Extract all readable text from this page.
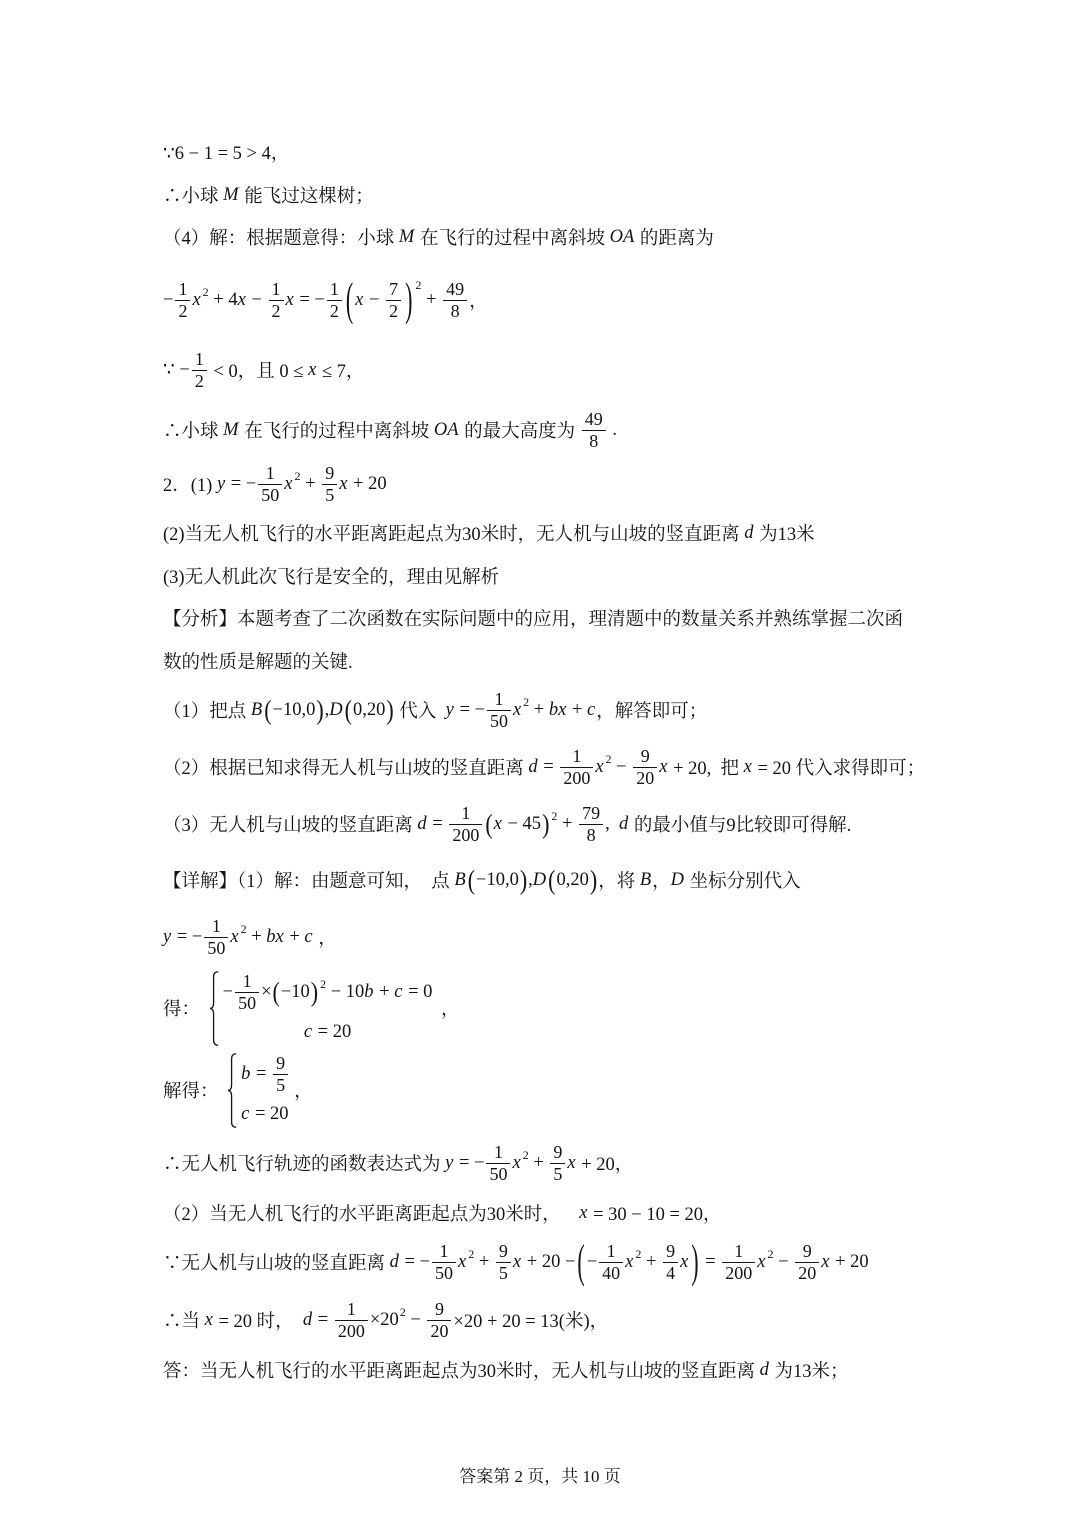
∵6 − 1 = 5 > 4，
∴小球 M 能飞过这棵树；
（4）解：根据题意得：小球 M 在飞行的过程中离斜坡 OA 的距离为
− $\frac{1}{2}$ x 2 + 4 $x - \frac{1}{2}$ x = − $\frac{1}{2}$ ( $x - \frac{7}{2}$ ) 2
+ $\frac{49}{8}$ ，
∵ − $\frac{1}{2} < 0$，且 0 ≤ x ≤ 7，
∴小球 M 在飞行的过程中离斜坡 OA 的最大高度为 $\frac{49}{8}$ .
2．(1) y = − $\frac{1}{50}$ x $2 + \frac{9}{5}$ x + 20
(2)当无人机飞行的水平距离距起点为30米时，无人机与山坡的竖直距离 d 为13米
(3)无人机此次飞行是安全的，理由见解析
【分析】本题考查了二次函数在实际问题中的应用，理清题中的数量关系并熟练掌握二次函
数的性质是解题的关键.
（1）把点 B ( −10,0 ) , D ( 0,20 ) 代入 y = − $\frac{1}{50}$ x 2 + bx + c ，解答即可；
（2）根据已知求得无人机与山坡的竖直距离 $d = \frac{1}{200}$ x $2 - \frac{9}{20}$ x + 20,  把 x = 20 代入求得即可；
（3）无人机与山坡的竖直距离 $d = \frac{1}{200}$ ( x − 45 ) $2 + \frac{79}{8}$ , d 的最小值与9比较即可得解.
【详解】（1）解：由题意可知，  点 B ( −10,0 ) , D ( 0,20 ) ，将 B ， D 坐标分别代入
y = − $\frac{1}{50}$ x 2 + bx + c ，
得：
− $\frac{1}{50}$ × ( −10 ) 2 − 10 b + c = 0
c = 20
，
解得：
$b = \frac{9}{5}$
c = 20
，
∴无人机飞行轨迹的函数表达式为 y = − $\frac{1}{50}$ x $2 + \frac{9}{5}$ x + 20，
（2）当无人机飞行的水平距离距起点为30米时， x = 30 − 10 = 20，
∵无人机与山坡的竖直距离 d = − $\frac{1}{50}$ x $2 + \frac{9}{5}$ x + 20 − ( − $\frac{1}{40}$ x $2 + \frac{9}{4}$ x ) = $\frac{1}{200}$ x $2 - \frac{9}{20}$ x + 20
∴当 x = 20 时， $d = \frac{1}{200} \times 20$ $2 - \frac{9}{20} \times 20 + 20 = 13$(米)，
答：当无人机飞行的水平距离距起点为30米时，无人机与山坡的竖直距离 d 为13米；
答案第 2 页，共 10 页
